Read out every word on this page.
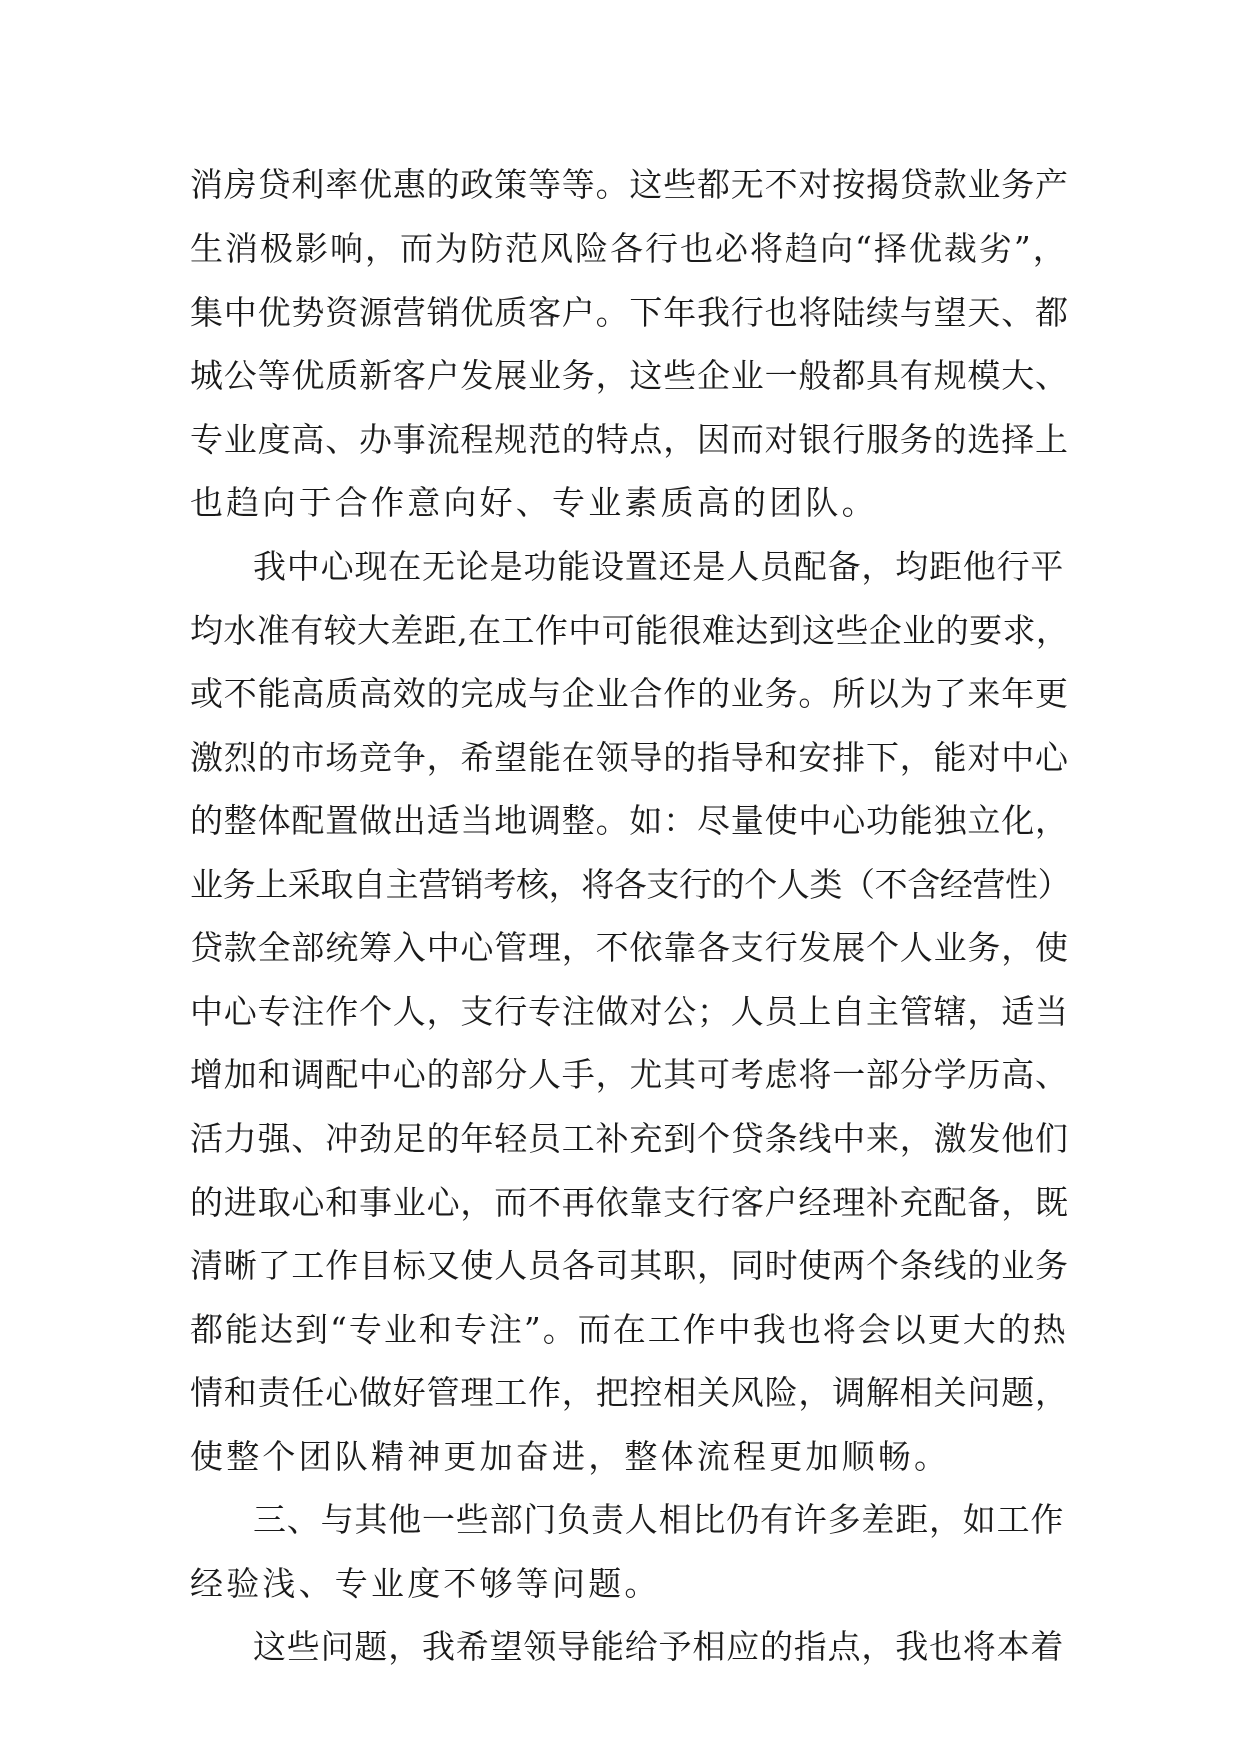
消房贷利率优惠的政策等等。这些都无不对按揭贷款业务产
生消极影响，而为防范风险各行也必将趋向“择优裁劣”，
集中优势资源营销优质客户。下年我行也将陆续与望天、都
城公等优质新客户发展业务，这些企业一般都具有规模大、
专业度高、办事流程规范的特点，因而对银行服务的选择上
也趋向于合作意向好、专业素质高的团队。
我中心现在无论是功能设置还是人员配备，均距他行平
均水准有较大差距,在工作中可能很难达到这些企业的要求，
或不能高质高效的完成与企业合作的业务。所以为了来年更
激烈的市场竞争，希望能在领导的指导和安排下，能对中心
的整体配置做出适当地调整。如：尽量使中心功能独立化，
业务上采取自主营销考核，将各支行的个人类（不含经营性）
贷款全部统筹入中心管理，不依靠各支行发展个人业务，使
中心专注作个人，支行专注做对公；人员上自主管辖，适当
增加和调配中心的部分人手，尤其可考虑将一部分学历高、
活力强、冲劲足的年轻员工补充到个贷条线中来，激发他们
的进取心和事业心，而不再依靠支行客户经理补充配备，既
清晰了工作目标又使人员各司其职，同时使两个条线的业务
都能达到“专业和专注”。而在工作中我也将会以更大的热
情和责任心做好管理工作，把控相关风险，调解相关问题，
使整个团队精神更加奋进，整体流程更加顺畅。
三、与其他一些部门负责人相比仍有许多差距，如工作
经验浅、专业度不够等问题。
这些问题，我希望领导能给予相应的指点，我也将本着
